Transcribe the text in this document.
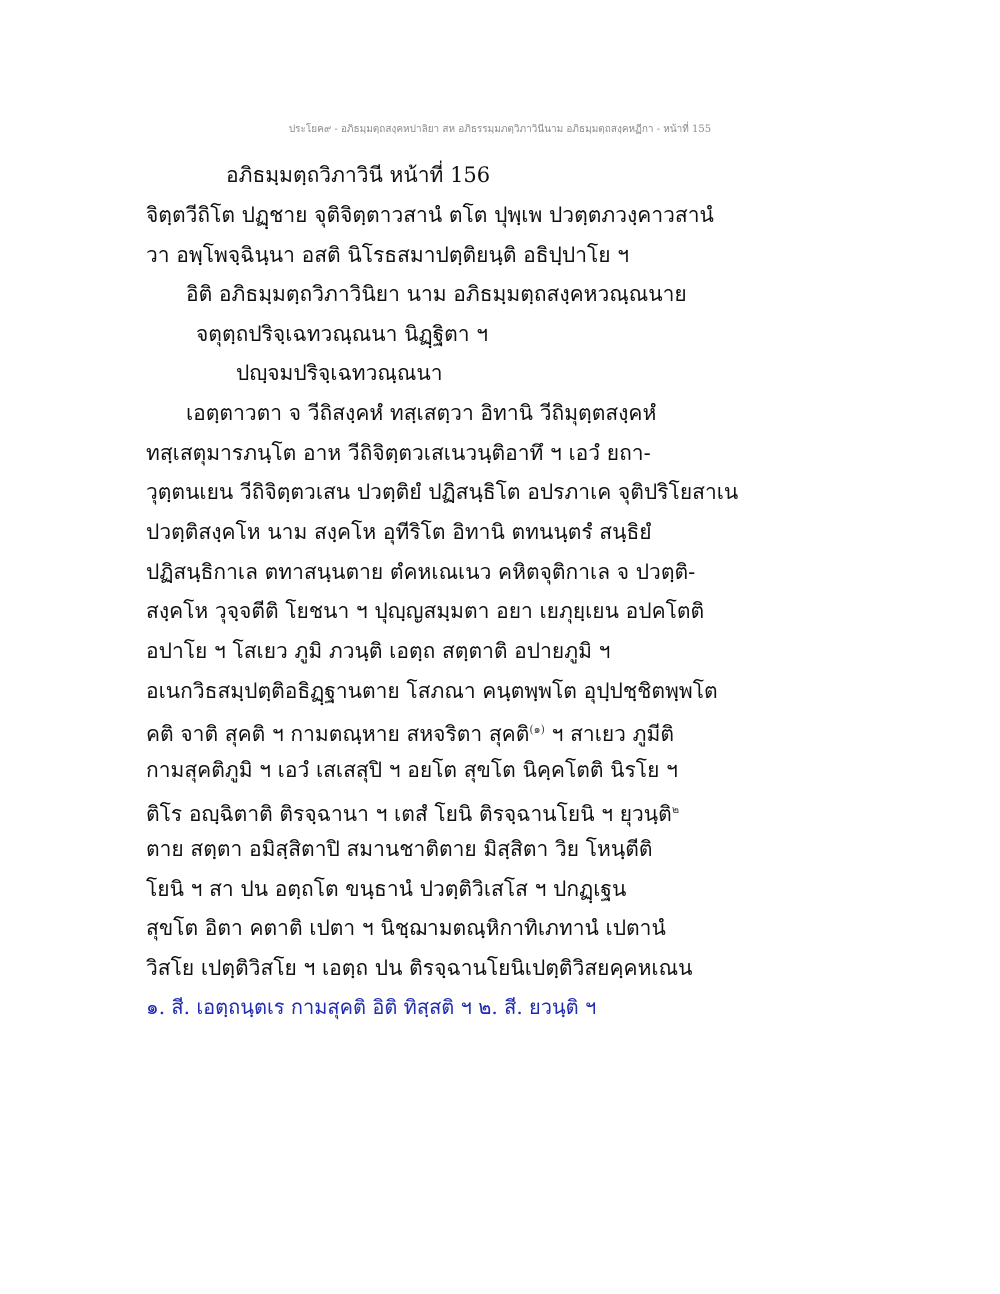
ประโยค๙ - อภิธมฺมตฺถสงฺคหปาลิยา สห อภิธรรมฺมภตฺวิภาวินีนาม อภิธมฺมตฺถสงฺคหฏีกา - หน้าที่ 155
อภิธมฺมตฺถวิภาวินี หน้าที่ 156
จิตฺตวีถิโต ปฏฺชาย จุติจิตฺตาวสานํ ตโต ปุพฺเพ ปวตฺตภวงฺคาวสานํ
วา อพฺโพจฺฉินฺนา อสติ นิโรธสมาปตฺติยนฺติ อธิปฺปาโย ฯ
อิติ อภิธมฺมตฺถวิภาวินิยา นาม อภิธมฺมตฺถสงฺคหวณฺณนาย
จตุตฺถปริจฺเฉทวณฺณนา นิฏฺฐิตา ฯ
ปญฺจมปริจฺเฉทวณฺณนา
เอตฺตาวตา จ วีถิสงฺคหํ ทสฺเสตฺวา อิทานิ วีถิมุตฺตสงฺคหํ
ทสฺเสตุมารภนฺโต อาห วีถิจิตฺตวเสเนวนฺติอาทึ ฯ เอวํ ยถา-
วุตฺตนเยน วีถิจิตฺตวเสน ปวตฺติยํ ปฏิสนฺธิโต อปรภาเค จุติปริโยสาเน
ปวตฺติสงฺคโห นาม สงฺคโห อุทีริโต อิทานิ ตทนนฺตรํ สนฺธิยํ
ปฏิสนฺธิกาเล ตทาสนฺนตาย ตํคหเณเนว คหิตจุติกาเล จ ปวตฺติ-
สงฺคโห วุจฺจตีติ โยชนา ฯ ปุญฺญสมฺมตา อยา เยภุยฺเยน อปคโตติ
อปาโย ฯ โสเยว ภูมิ ภวนฺติ เอตฺถ สตฺตาติ อปายภูมิ ฯ
อเนกวิธสมฺปตฺติอธิฏฺฐานตาย โสภณา คนฺตพฺพโต อุปฺปชฺชิตพฺพโต
คติ จาติ สุคติ ฯ กามตณฺหาย สหจริตา สุคติ$^{(๑)}$ ฯ สาเยว ภูมีติ
กามสุคติภูมิ ฯ เอวํ เสเสสุปิ ฯ อยโต สุขโต นิคฺคโตติ นิรโย ฯ
ติโร อญฺฉิตาติ ติรจฺฉานา ฯ เตสํ โยนิ ติรจฺฉานโยนิ ฯ ยุวนฺติ$^๒$
ตาย สตฺตา อมิสฺสิตาปิ สมานชาติตาย มิสฺสิตา วิย โหนฺตีติ
โยนิ ฯ สา ปน อตฺถโต ขนฺธานํ ปวตฺติวิเสโส ฯ ปกฏฺเฐน
สุขโต อิตา คตาติ เปตา ฯ นิชฺฌามตณฺหิกาทิเภทานํ เปตานํ
วิสโย เปตฺติวิสโย ฯ เอตฺถ ปน ติรจฺฉานโยนิเปตฺติวิสยคฺคหเณน
๑. สี. เอตฺถนฺตเร กามสุคติ อิติ ทิสฺสติ ฯ ๒. สี. ยวนฺติ ฯ
